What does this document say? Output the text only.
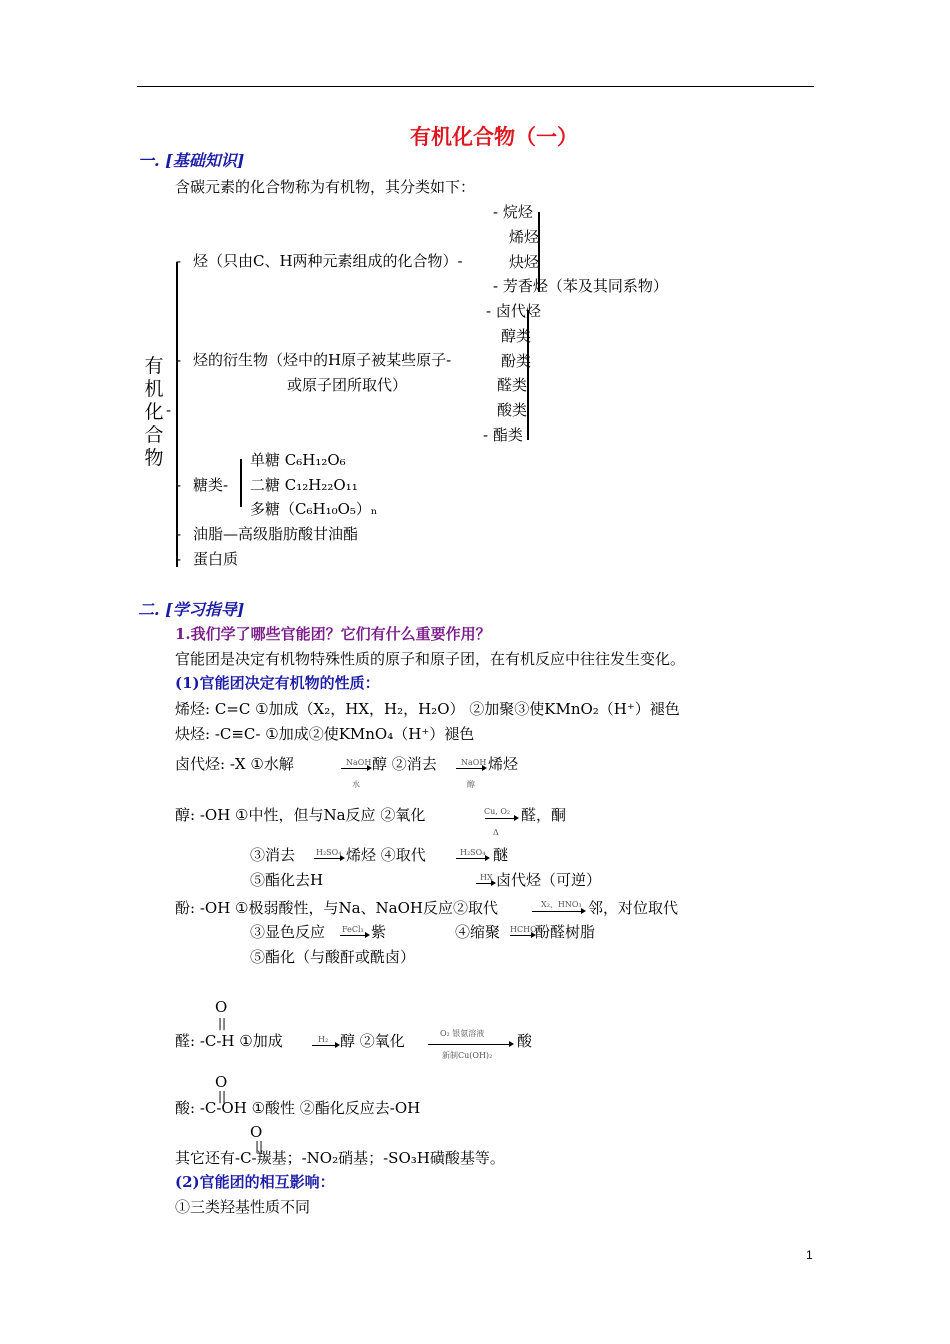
有机化合物（一）
一. [基础知识]
含碳元素的化合物称为有机物，其分类如下：
有
机
化
合
物
-
-
-
-
-
-
烃（只由C、H两种元素组成的化合物）-
- 烷烃
烯烃
炔烃
- 芳香烃（苯及其同系物）
烃的衍生物（烃中的H原子被某些原子-
或原子团所取代）
- 卤代烃
醇类
酚类
醛类
酸类
- 酯类
糖类-
单糖 C₆H₁₂O₆
二糖 C₁₂H₂₂O₁₁
多糖（C₆H₁₀O₅）ₙ
油脂—高级脂肪酸甘油酯
蛋白质
二. [学习指导]
1.我们学了哪些官能团？它们有什么重要作用？
官能团是决定有机物特殊性质的原子和原子团，在有机反应中往往发生变化。
(1)官能团决定有机物的性质：
烯烃: C=C ①加成（X₂，HX，H₂，H₂O） ②加聚③使KMnO₂（H⁺）褪色
炔烃: -C≡C- ①加成②使KMnO₄（H⁺）褪色
卤代烃: -X ①水解	NaOH
水
醇 ②消去 →
NaOH
醇
烯烃
醇: -OH ①中性，但与Na反应 ②氧化	Cu, O₂
Δ
醛，酮
③消去 →
H₂SO₄ 烯烃 ④取代	H₂SO₄ 醚
⑤酯化去H	HX 卤代烃（可逆）
酚: -OH ①极弱酸性，与Na、NaOH反应②取代	X₂、HNO₃ 邻，对位取代
③显色反应 →
FeCl₃ 紫	④缩聚 →
HCHO
酚醛树脂
⑤酯化（与酸酐或酰卤）
O
||
醛: -C-H ①加成	H₂ 醇 ②氧化	O₂ 银氨溶液
新制Cu(OH)₂
酸
O
||
酸: -C-OH ①酸性 ②酯化反应去-OH
O
||
其它还有-C-羰基；-NO₂硝基；-SO₃H磺酸基等。
(2)官能团的相互影响：
①三类羟基性质不同
1
